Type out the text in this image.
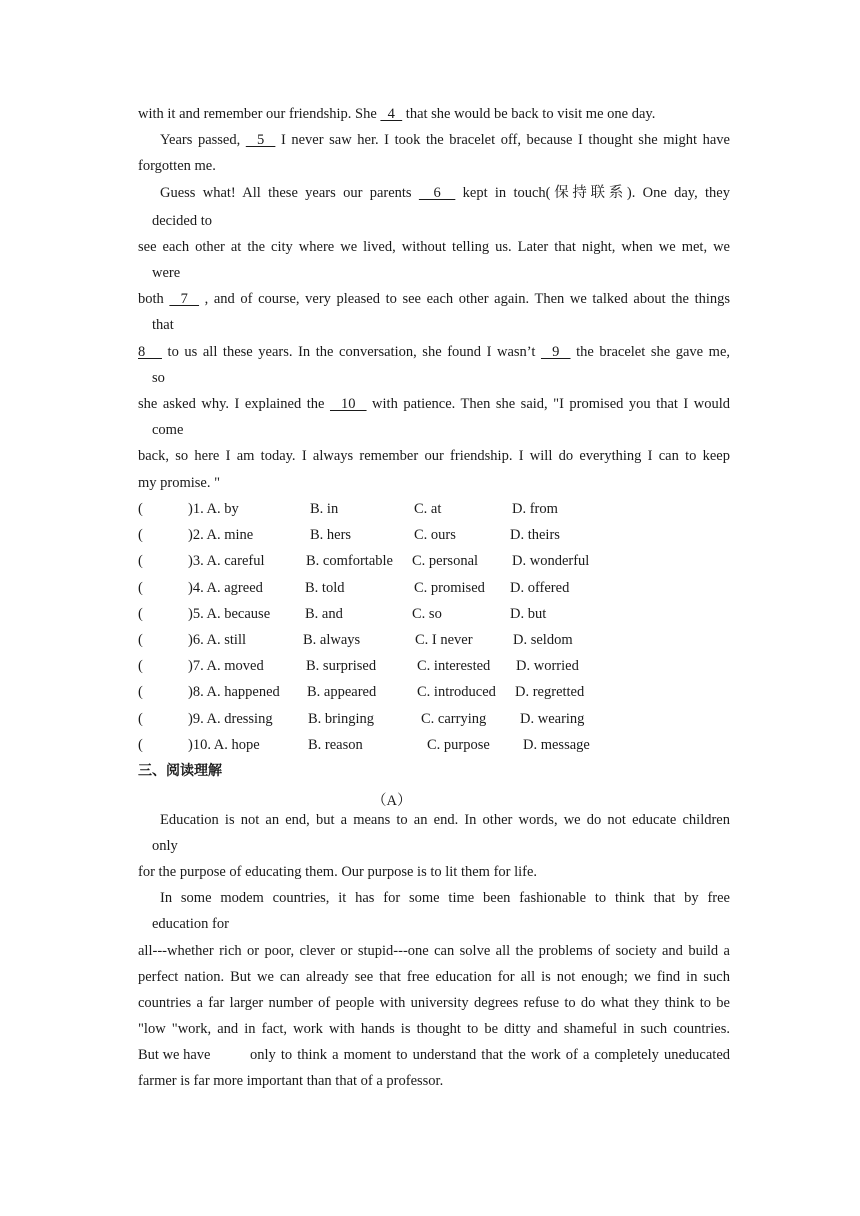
with it and remember our friendship. She   4   that she would be back to visit me one day.
Years passed,   5   I never saw her. I took the bracelet off, because I thought she might have
forgotten me.
Guess what! All these years our parents   6   kept in touch(保持联系). One day, they
decided to
see each other at the city where we lived, without telling us. Later that night, when we met, we
were
both   7   , and of course, very pleased to see each other again. Then we talked about the things
that
8    to us all these years. In the conversation, she found I wasn’t   9   the bracelet she gave me,
so
she asked why. I explained the   10   with patience. Then she said, "I promised you that I would
come
back, so here I am today. I always remember our friendship. I will do everything I can to keep
my promise. "
(	)1. A. by	B. in	C. at	D. from
(	)2. A. mine	B. hers	C. ours	D. theirs
(	)3. A. careful	B. comfortable C. personal D. wonderful
(	)4. A. agreed	B. told	C. promised D. offered
(	)5. A. because B. and	C. so	D. but
(	)6. A. still	B. always	C. I never	D. seldom
(	)7. A. moved	B. surprised	C. interested D. worried
(	)8. A. happened B. appeared	C. introduced D. regretted
(	)9. A. dressing B. bringing	C. carrying D. wearing
(	)10. A. hope	B. reason	C. purpose D. message
三、阅读理解
（A）
Education is not an end, but a means to an end. In other words, we do not educate children
only
for the purpose of educating them. Our purpose is to lit them for life.
In some modem countries, it has for some time been fashionable to think that by free
education for
all---whether rich or poor, clever or stupid---one can solve all the problems of society and build a
perfect nation. But we can already see that free education for all is not enough; we find in such
countries a far larger number of people with university degrees refuse to do what they think to be
"low "work, and in fact, work with hands is thought to be ditty and shameful in such countries.
But we have	only to think a moment to understand that the work of a completely uneducated
farmer is far more important than that of a professor.
